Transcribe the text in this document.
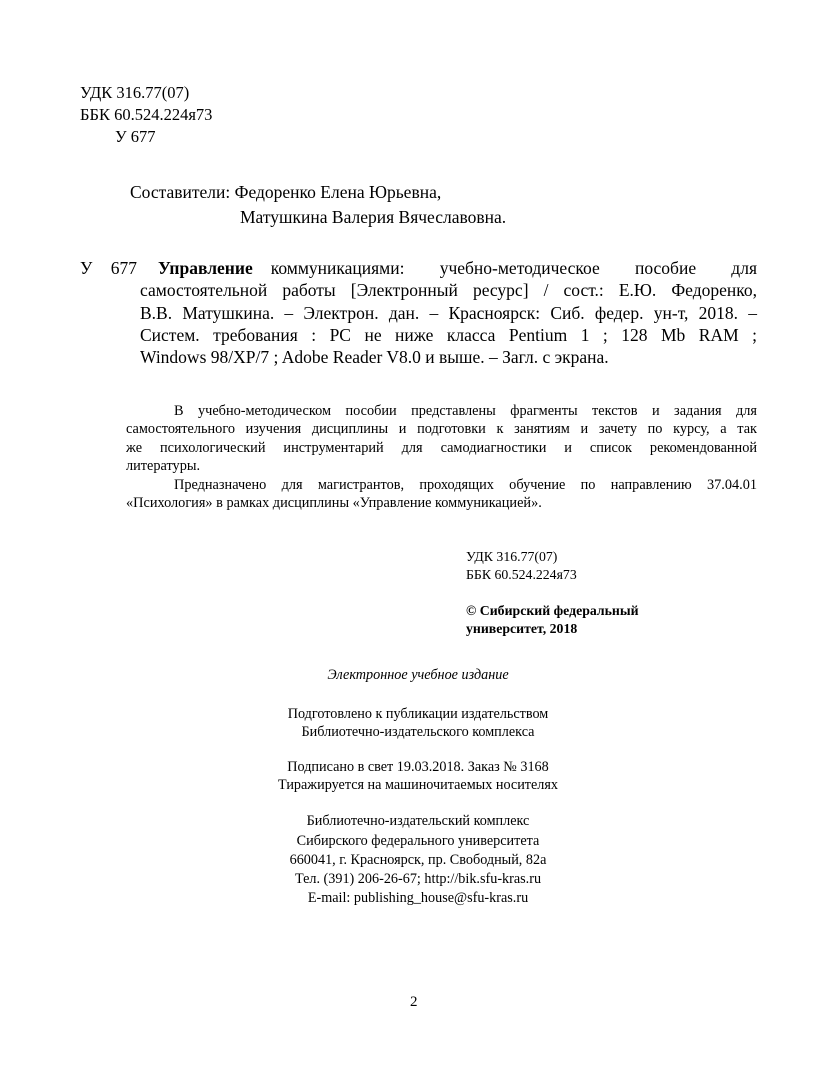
УДК 316.77(07)
ББК 60.524.224я73
У 677
Составители: Федоренко Елена Юрьевна,
Матушкина Валерия Вячеславовна.
У 677 Управление	коммуникациями: учебно-методическое пособие для
самостоятельной работы [Электронный ресурс] / сост.: Е.Ю. Федоренко,
В.В. Матушкина. – Электрон. дан. – Красноярск: Сиб. федер. ун-т, 2018. –
Систем. требования : PC не ниже класса Pentium 1 ; 128 Mb RAM ;
Windows 98/XP/7 ; Adobe Reader V8.0 и выше. – Загл. с экрана.
В учебно-методическом пособии представлены фрагменты текстов и задания для
самостоятельного изучения дисциплины и подготовки к занятиям и зачету по курсу, а так
же психологический инструментарий для самодиагностики и список рекомендованной
литературы.
Предназначено для магистрантов, проходящих обучение по направлению 37.04.01
«Психология» в рамках дисциплины «Управление коммуникацией».
УДК 316.77(07)
ББК 60.524.224я73
© Сибирский федеральный
университет, 2018
Электронное учебное издание
Подготовлено к публикации издательством
Библиотечно-издательского комплекса
Подписано в свет 19.03.2018. Заказ № 3168
Тиражируется на машиночитаемых носителях
Библиотечно-издательский комплекс
Сибирского федерального университета
660041, г. Красноярск, пр. Свободный, 82а
Тел. (391) 206-26-67; http://bik.sfu-kras.ru
E-mail: publishing_house@sfu-kras.ru
2
